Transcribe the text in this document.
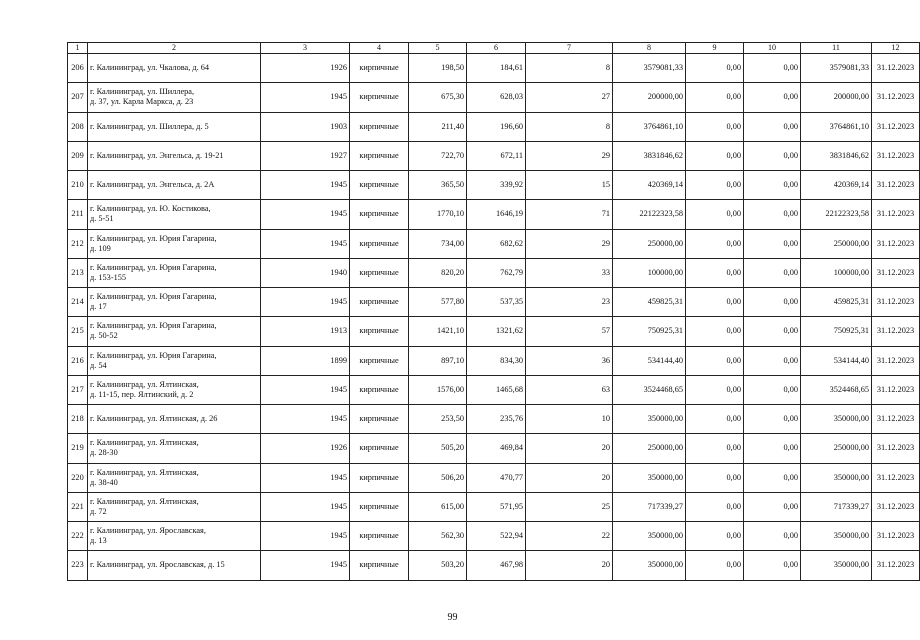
1	2	3	4	5	6	7	8	9	10	11	12
206	г. Калининград, ул. Чкалова, д. 64	1926	кирпичные	198,50	184,61	8	3579081,33	0,00	0,00	3579081,33	31.12.2023
207	г. Калининград, ул. Шиллера,
д. 37, ул. Карла Маркса, д. 23	1945	кирпичные	675,30	628,03	27	200000,00	0,00	0,00	200000,00	31.12.2023
208	г. Калининград, ул. Шиллера, д. 5	1903	кирпичные	211,40	196,60	8	3764861,10	0,00	0,00	3764861,10	31.12.2023
209	г. Калининград, ул. Энгельса, д. 19-21	1927	кирпичные	722,70	672,11	29	3831846,62	0,00	0,00	3831846,62	31.12.2023
210	г. Калининград, ул. Энгельса, д. 2А	1945	кирпичные	365,50	339,92	15	420369,14	0,00	0,00	420369,14	31.12.2023
211	г. Калининград, ул. Ю. Костикова,
д. 5-51	1945	кирпичные	1770,10	1646,19	71	22122323,58	0,00	0,00	22122323,58	31.12.2023
212	г. Калининград, ул. Юрия Гагарина,
д. 109	1945	кирпичные	734,00	682,62	29	250000,00	0,00	0,00	250000,00	31.12.2023
213	г. Калининград, ул. Юрия Гагарина,
д. 153-155	1940	кирпичные	820,20	762,79	33	100000,00	0,00	0,00	100000,00	31.12.2023
214	г. Калининград, ул. Юрия Гагарина,
д. 17	1945	кирпичные	577,80	537,35	23	459825,31	0,00	0,00	459825,31	31.12.2023
215	г. Калининград, ул. Юрия Гагарина,
д. 50-52	1913	кирпичные	1421,10	1321,62	57	750925,31	0,00	0,00	750925,31	31.12.2023
216	г. Калининград, ул. Юрия Гагарина,
д. 54	1899	кирпичные	897,10	834,30	36	534144,40	0,00	0,00	534144,40	31.12.2023
217	г. Калининград, ул. Ялтинская,
д. 11-15, пер. Ялтинский, д. 2	1945	кирпичные	1576,00	1465,68	63	3524468,65	0,00	0,00	3524468,65	31.12.2023
218	г. Калининград, ул. Ялтинская, д. 26	1945	кирпичные	253,50	235,76	10	350000,00	0,00	0,00	350000,00	31.12.2023
219	г. Калининград, ул. Ялтинская,
д. 28-30	1926	кирпичные	505,20	469,84	20	250000,00	0,00	0,00	250000,00	31.12.2023
220	г. Калининград, ул. Ялтинская,
д. 38-40	1945	кирпичные	506,20	470,77	20	350000,00	0,00	0,00	350000,00	31.12.2023
221	г. Калининград, ул. Ялтинская,
д. 72	1945	кирпичные	615,00	571,95	25	717339,27	0,00	0,00	717339,27	31.12.2023
222	г. Калининград, ул. Ярославская,
д. 13	1945	кирпичные	562,30	522,94	22	350000,00	0,00	0,00	350000,00	31.12.2023
223	г. Калининград, ул. Ярославская, д. 15	1945	кирпичные	503,20	467,98	20	350000,00	0,00	0,00	350000,00	31.12.2023
99
